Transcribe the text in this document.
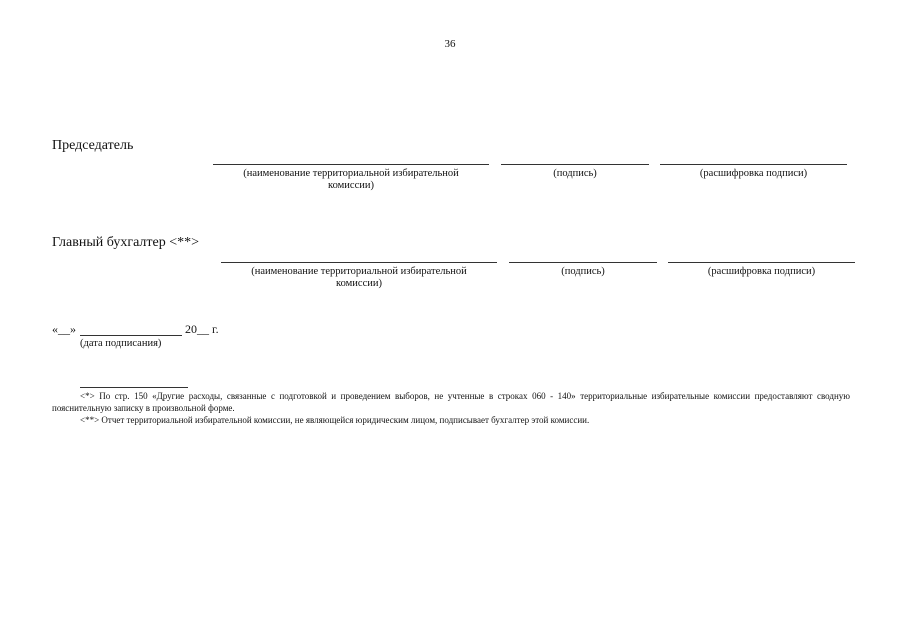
36
Председатель
(наименование территориальной избирательной комиссии)
(подпись)	(расшифровка подписи)
Главный бухгалтер <**>
(наименование территориальной избирательной комиссии)
(подпись)	(расшифровка подписи)
«__»	20__ г.
(дата подписания)
<*> По стр. 150 «Другие расходы, связанные с подготовкой и проведением выборов, не учтенные в строках 060 - 140» территориальные избирательные комиссии предоставляют сводную пояснительную записку в произвольной форме.
<**> Отчет территориальной избирательной комиссии, не являющейся юридическим лицом, подписывает бухгалтер этой комиссии.
